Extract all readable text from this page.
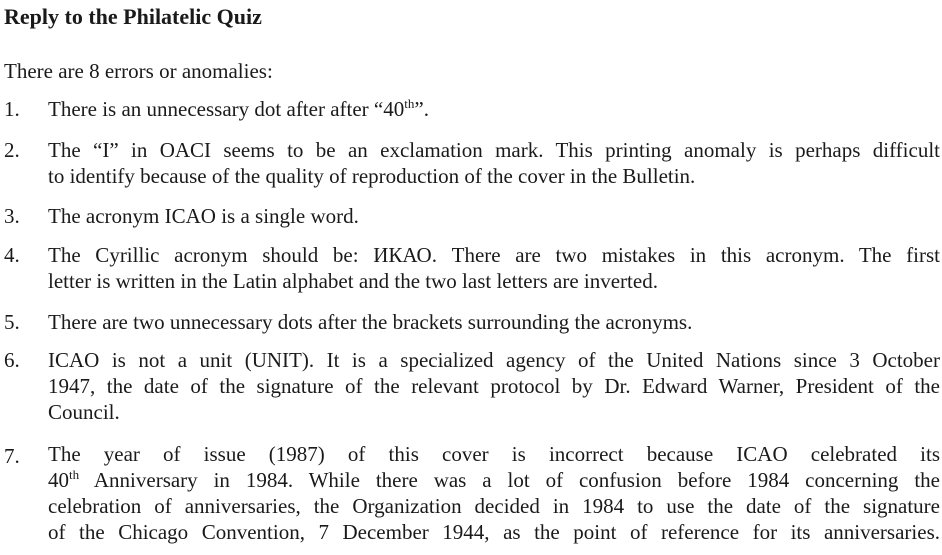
Reply to the Philatelic Quiz
There are 8 errors or anomalies:
1. There is an unnecessary dot after after “40th”.
2. The “I” in OACI seems to be an exclamation mark. This printing anomaly is perhaps difficult
to identify because of the quality of reproduction of the cover in the Bulletin.
3. The acronym ICAO is a single word.
4. The Cyrillic acronym should be: ИКАО. There are two mistakes in this acronym. The first
letter is written in the Latin alphabet and the two last letters are inverted.
5. There are two unnecessary dots after the brackets surrounding the acronyms.
6. ICAO is not a unit (UNIT). It is a specialized agency of the United Nations since 3 October
1947, the date of the signature of the relevant protocol by Dr. Edward Warner, President of the
Council.
7. The year of issue (1987) of this cover is incorrect because ICAO celebrated its
40th Anniversary in 1984. While there was a lot of confusion before 1984 concerning the
celebration of anniversaries, the Organization decided in 1984 to use the date of the signature
of the Chicago Convention, 7 December 1944, as the point of reference for its anniversaries.
